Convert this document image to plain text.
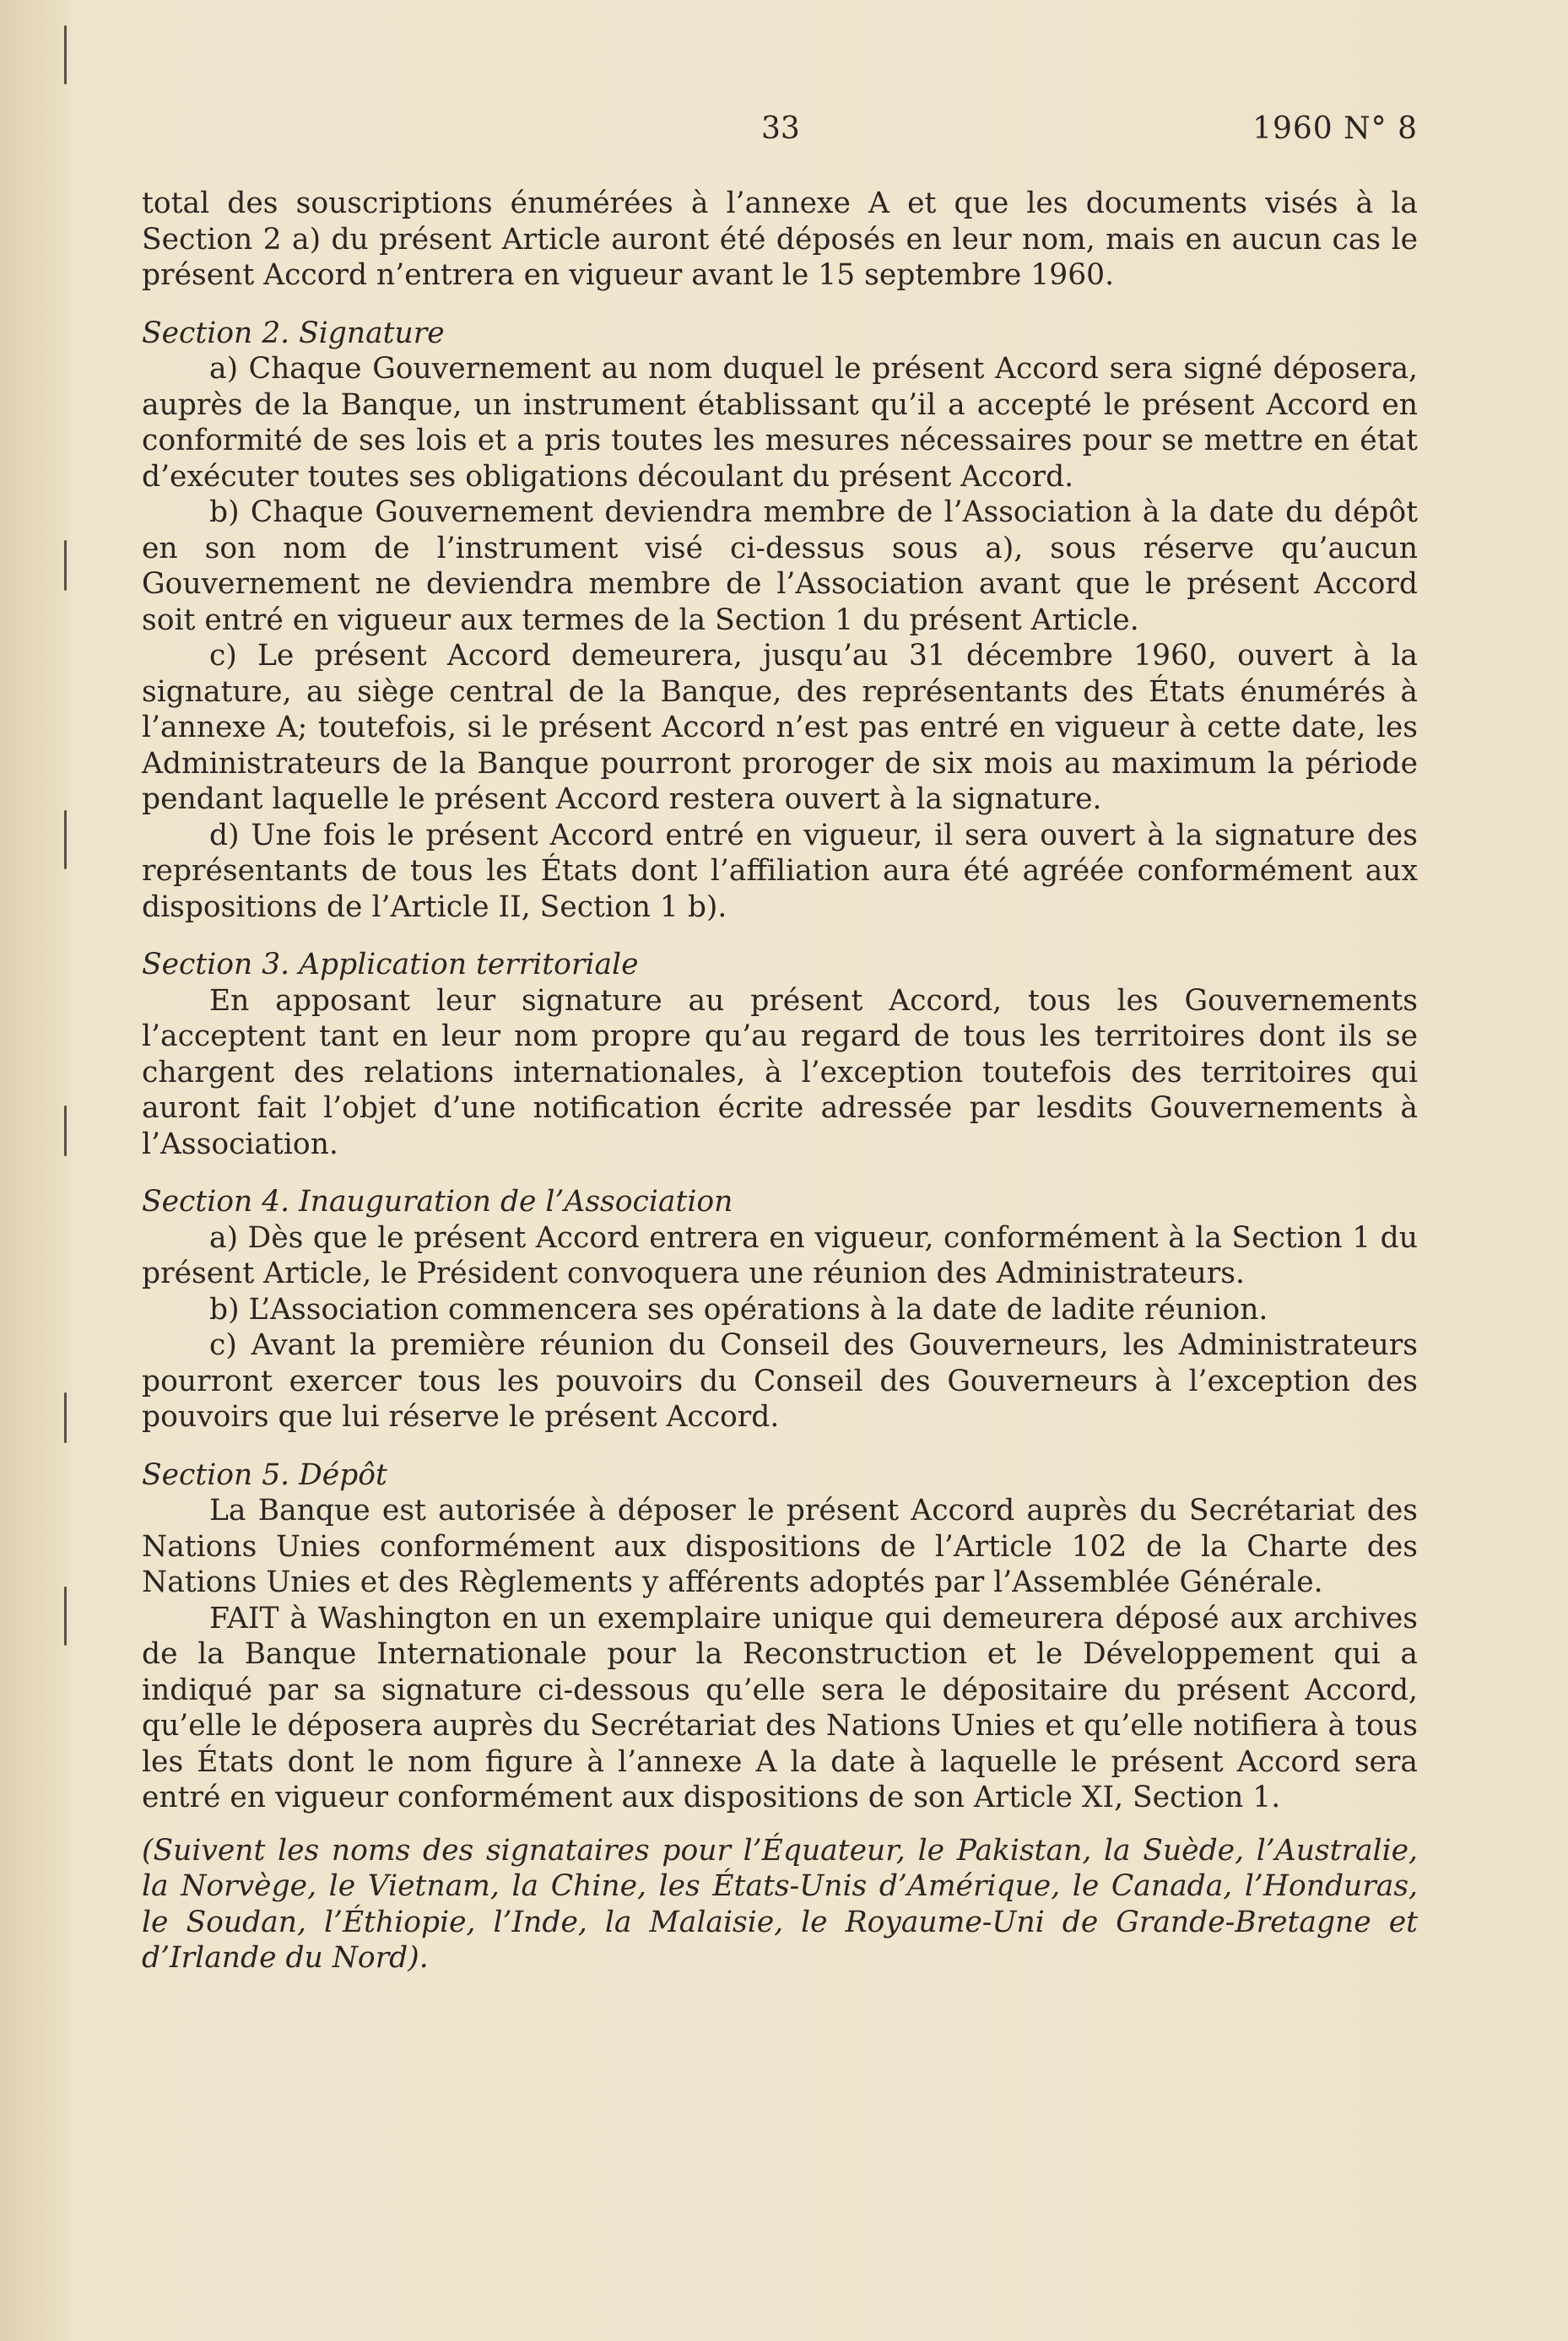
33	1960 N° 8

total des souscriptions énumérées à l’annexe A et que les documents visés à la Section 2 a) du présent Article auront été déposés en leur nom, mais en aucun cas le présent Accord n’entrera en vigueur avant le 15 septembre 1960.

Section 2. Signature

a) Chaque Gouvernement au nom duquel le présent Accord sera signé déposera, auprès de la Banque, un instrument établissant qu’il a accepté le présent Accord en conformité de ses lois et a pris toutes les mesures nécessaires pour se mettre en état d’exécuter toutes ses obligations découlant du présent Accord.

b) Chaque Gouvernement deviendra membre de l’Association à la date du dépôt en son nom de l’instrument visé ci-dessus sous a), sous réserve qu’aucun Gouvernement ne deviendra membre de l’Association avant que le présent Accord soit entré en vigueur aux termes de la Section 1 du présent Article.

c) Le présent Accord demeurera, jusqu’au 31 décembre 1960, ouvert à la signature, au siège central de la Banque, des représentants des États énumérés à l’annexe A; toutefois, si le présent Accord n’est pas entré en vigueur à cette date, les Administrateurs de la Banque pourront proroger de six mois au maximum la période pendant laquelle le présent Accord restera ouvert à la signature.

d) Une fois le présent Accord entré en vigueur, il sera ouvert à la signature des représentants de tous les États dont l’affiliation aura été agréée conformément aux dispositions de l’Article II, Section 1 b).

Section 3. Application territoriale

En apposant leur signature au présent Accord, tous les Gouvernements l’acceptent tant en leur nom propre qu’au regard de tous les territoires dont ils se chargent des relations internationales, à l’exception toutefois des territoires qui auront fait l’objet d’une notification écrite adressée par lesdits Gouvernements à l’Association.

Section 4. Inauguration de l’Association

a) Dès que le présent Accord entrera en vigueur, conformément à la Section 1 du présent Article, le Président convoquera une réunion des Administrateurs.

b) L’Association commencera ses opérations à la date de ladite réunion.

c) Avant la première réunion du Conseil des Gouverneurs, les Administrateurs pourront exercer tous les pouvoirs du Conseil des Gouverneurs à l’exception des pouvoirs que lui réserve le présent Accord.

Section 5. Dépôt

La Banque est autorisée à déposer le présent Accord auprès du Secrétariat des Nations Unies conformément aux dispositions de l’Article 102 de la Charte des Nations Unies et des Règlements y afférents adoptés par l’Assemblée Générale.

FAIT à Washington en un exemplaire unique qui demeurera déposé aux archives de la Banque Internationale pour la Reconstruction et le Développement qui a indiqué par sa signature ci-dessous qu’elle sera le dépositaire du présent Accord, qu’elle le déposera auprès du Secrétariat des Nations Unies et qu’elle notifiera à tous les États dont le nom figure à l’annexe A la date à laquelle le présent Accord sera entré en vigueur conformément aux dispositions de son Article XI, Section 1.

(Suivent les noms des signataires pour l’Équateur, le Pakistan, la Suède, l’Australie, la Norvège, le Vietnam, la Chine, les États-Unis d’Amérique, le Canada, l’Honduras, le Soudan, l’Éthiopie, l’Inde, la Malaisie, le Royaume-Uni de Grande-Bretagne et d’Irlande du Nord).
